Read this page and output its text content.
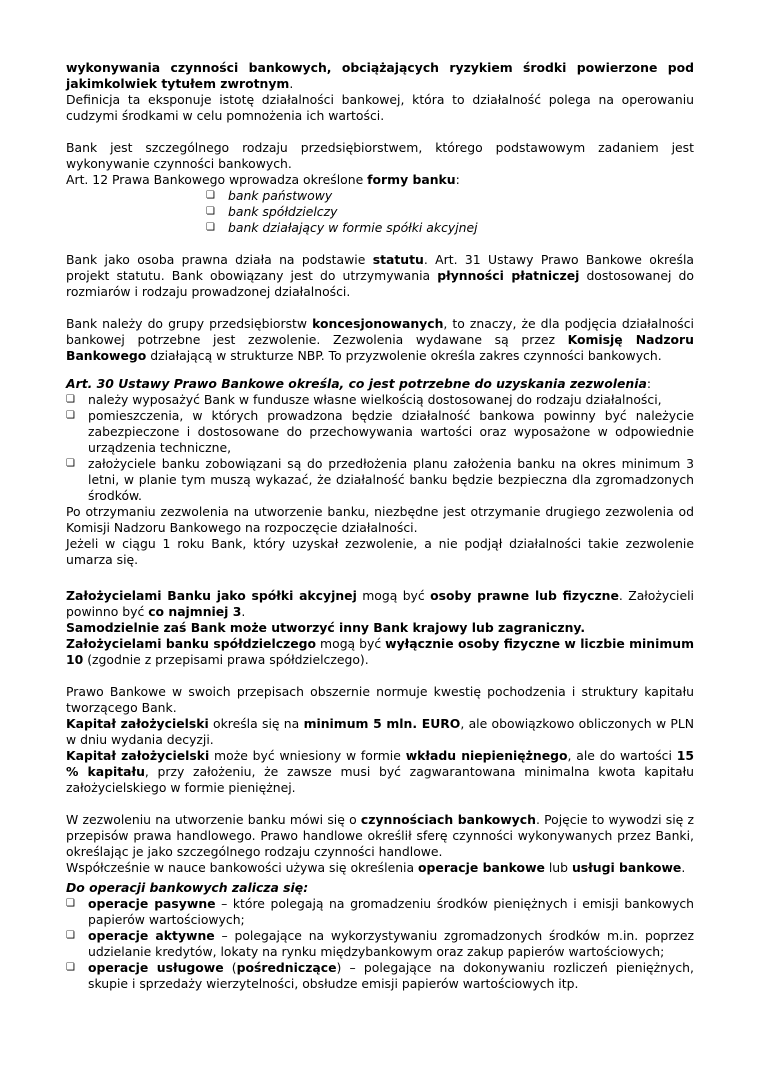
wykonywania czynności bankowych, obciążających ryzykiem środki powierzone pod jakimkolwiek tytułem zwrotnym.

Definicja ta eksponuje istotę działalności bankowej, która to działalność polega na operowaniu cudzymi środkami w celu pomnożenia ich wartości.

Bank jest szczególnego rodzaju przedsiębiorstwem, którego podstawowym zadaniem jest wykonywanie czynności bankowych.

Art. 12 Prawa Bankowego wprowadza określone formy banku:

❏
bank państwowy
❏
bank spółdzielczy
❏
bank działający w formie spółki akcyjnej

Bank jako osoba prawna działa na podstawie statutu. Art. 31 Ustawy Prawo Bankowe określa projekt statutu. Bank obowiązany jest do utrzymywania płynności płatniczej dostosowanej do rozmiarów i rodzaju prowadzonej działalności.

Bank należy do grupy przedsiębiorstw koncesjonowanych, to znaczy, że dla podjęcia działalności bankowej potrzebne jest zezwolenie. Zezwolenia wydawane są przez Komisję Nadzoru Bankowego działającą w strukturze NBP. To przyzwolenie określa zakres czynności bankowych.

Art. 30 Ustawy Prawo Bankowe określa, co jest potrzebne do uzyskania zezwolenia:

❏
należy wyposażyć Bank w fundusze własne wielkością dostosowanej do rodzaju działalności,
❏
pomieszczenia, w których prowadzona będzie działalność bankowa powinny być należycie zabezpieczone i dostosowane do przechowywania wartości oraz wyposażone w odpowiednie urządzenia techniczne,
❏
założyciele banku zobowiązani są do przedłożenia planu założenia banku na okres minimum 3 letni, w planie tym muszą wykazać, że działalność banku będzie bezpieczna dla zgromadzonych środków.

Po otrzymaniu zezwolenia na utworzenie banku, niezbędne jest otrzymanie drugiego zezwolenia od Komisji Nadzoru Bankowego na rozpoczęcie działalności.

Jeżeli w ciągu 1 roku Bank, który uzyskał zezwolenie, a nie podjął działalności takie zezwolenie umarza się.

Założycielami Banku jako spółki akcyjnej mogą być osoby prawne lub fizyczne. Założycieli powinno być co najmniej 3.

Samodzielnie zaś Bank może utworzyć inny Bank krajowy lub zagraniczny.

Założycielami banku spółdzielczego mogą być wyłącznie osoby fizyczne w liczbie minimum 10 (zgodnie z przepisami prawa spółdzielczego).

Prawo Bankowe w swoich przepisach obszernie normuje kwestię pochodzenia i struktury kapitału tworzącego Bank.

Kapitał założycielski określa się na minimum 5 mln. EURO, ale obowiązkowo obliczonych w PLN w dniu wydania decyzji.

Kapitał założycielski może być wniesiony w formie wkładu niepieniężnego, ale do wartości 15 % kapitału, przy założeniu, że zawsze musi być zagwarantowana minimalna kwota kapitału założycielskiego w formie pieniężnej.

W zezwoleniu na utworzenie banku mówi się o czynnościach bankowych. Pojęcie to wywodzi się z przepisów prawa handlowego. Prawo handlowe określił sferę czynności wykonywanych przez Banki, określając je jako szczególnego rodzaju czynności handlowe.

Współcześnie w nauce bankowości używa się określenia operacje bankowe lub usługi bankowe.

Do operacji bankowych zalicza się:

❏
operacje pasywne – które polegają na gromadzeniu środków pieniężnych i emisji bankowych papierów wartościowych;
❏
operacje aktywne – polegające na wykorzystywaniu zgromadzonych środków m.in. poprzez udzielanie kredytów, lokaty na rynku międzybankowym oraz zakup papierów wartościowych;
❏
operacje usługowe (pośredniczące) – polegające na dokonywaniu rozliczeń pieniężnych, skupie i sprzedaży wierzytelności, obsłudze emisji papierów wartościowych itp.
